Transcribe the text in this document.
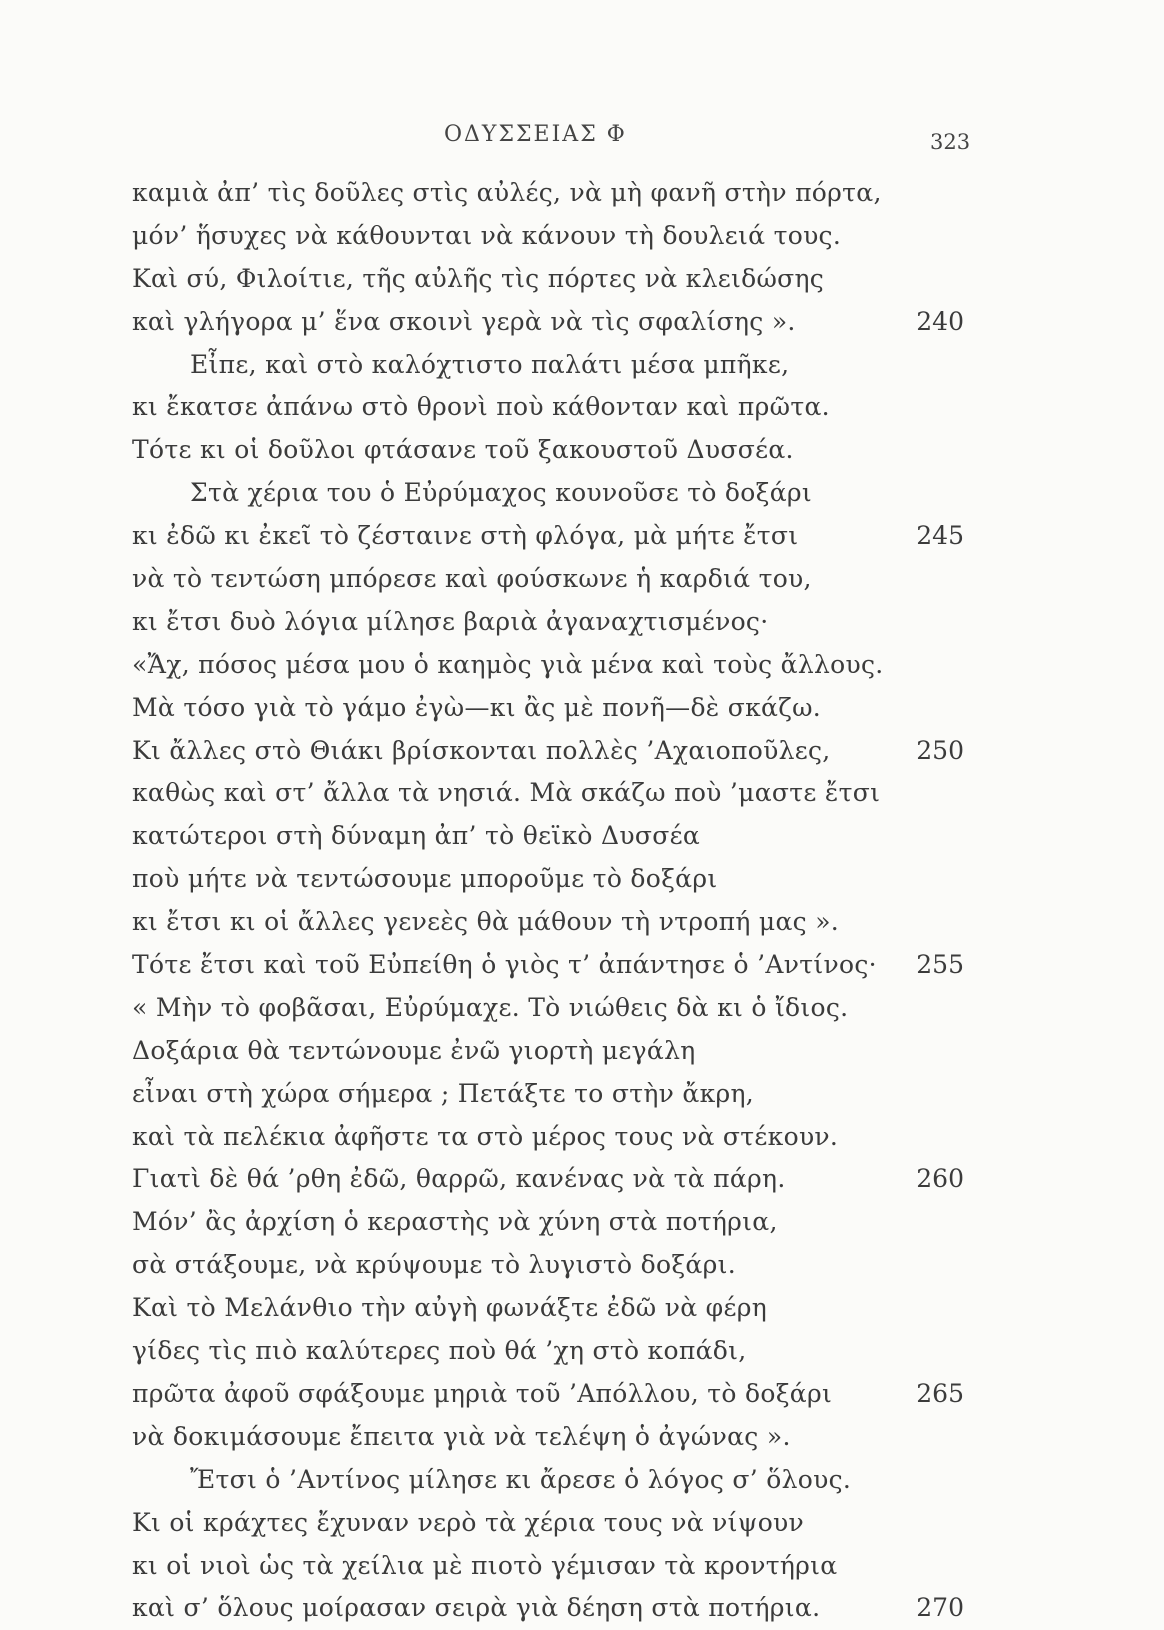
ΟΔΥΣΣΕΙΑΣ Φ	323
καμιὰ ἀπ’ τὶς δοῦλες στὶς αὐλές, νὰ μὴ φανῆ στὴν πόρτα,
μόν’ ἥσυχες νὰ κάθουνται νὰ κάνουν τὴ δουλειά τους.
Καὶ σύ, Φιλοίτιε, τῆς αὐλῆς τὶς πόρτες νὰ κλειδώσης
καὶ γλήγορα μ’ ἕνα σκοινὶ γερὰ νὰ τὶς σφαλίσης ».	240
Εἶπε, καὶ στὸ καλόχτιστο παλάτι μέσα μπῆκε,
κι ἔκατσε ἀπάνω στὸ θρονὶ ποὺ κάθονταν καὶ πρῶτα.
Τότε κι οἱ δοῦλοι φτάσανε τοῦ ξακουστοῦ Δυσσέα.
Στὰ χέρια του ὁ Εὐρύμαχος κουνοῦσε τὸ δοξάρι
κι ἐδῶ κι ἐκεῖ τὸ ζέσταινε στὴ φλόγα, μὰ μήτε ἔτσι	245
νὰ τὸ τεντώση μπόρεσε καὶ φούσκωνε ἡ καρδιά του,
κι ἔτσι δυὸ λόγια μίλησε βαριὰ ἀγαναχτισμένος·
«Ἄχ, πόσος μέσα μου ὁ καημὸς γιὰ μένα καὶ τοὺς ἄλλους.
Μὰ τόσο γιὰ τὸ γάμο ἐγὼ—κι ἂς μὲ πονῆ—δὲ σκάζω.
Κι ἄλλες στὸ Θιάκι βρίσκονται πολλὲς ’Αχαιοποῦλες,	250
καθὼς καὶ στ’ ἄλλα τὰ νησιά. Μὰ σκάζω ποὺ ’μαστε ἔτσι
κατώτεροι στὴ δύναμη ἀπ’ τὸ θεϊκὸ Δυσσέα
ποὺ μήτε νὰ τεντώσουμε μποροῦμε τὸ δοξάρι
κι ἔτσι κι οἱ ἄλλες γενεὲς θὰ μάθουν τὴ ντροπή μας ».
Τότε ἔτσι καὶ τοῦ Εὐπείθη ὁ γιὸς τ’ ἀπάντησε ὁ ’Αντίνος· 255
« Μὴν τὸ φοβᾶσαι, Εὐρύμαχε. Τὸ νιώθεις δὰ κι ὁ ἴδιος.
Δοξάρια θὰ τεντώνουμε ἐνῶ γιορτὴ μεγάλη
εἶναι στὴ χώρα σήμερα ; Πετάξτε το στὴν ἄκρη,
καὶ τὰ πελέκια ἀφῆστε τα στὸ μέρος τους νὰ στέκουν.
Γιατὶ δὲ θά ’ρθη ἐδῶ, θαρρῶ, κανένας νὰ τὰ πάρη.	260
Μόν’ ἂς ἀρχίση ὁ κεραστὴς νὰ χύνη στὰ ποτήρια,
σὰ στάξουμε, νὰ κρύψουμε τὸ λυγιστὸ δοξάρι.
Καὶ τὸ Μελάνθιο τὴν αὐγὴ φωνάξτε ἐδῶ νὰ φέρη
γίδες τὶς πιὸ καλύτερες ποὺ θά ’χη στὸ κοπάδι,
πρῶτα ἀφοῦ σφάξουμε μηριὰ τοῦ ’Απόλλου, τὸ δοξάρι	265
νὰ δοκιμάσουμε ἔπειτα γιὰ νὰ τελέψη ὁ ἀγώνας ».
Ἔτσι ὁ ’Αντίνος μίλησε κι ἄρεσε ὁ λόγος σ’ ὅλους.
Κι οἱ κράχτες ἔχυναν νερὸ τὰ χέρια τους νὰ νίψουν
κι οἱ νιοὶ ὡς τὰ χείλια μὲ πιοτὸ γέμισαν τὰ κροντήρια
καὶ σ’ ὅλους μοίρασαν σειρὰ γιὰ δέηση στὰ ποτήρια.	270
